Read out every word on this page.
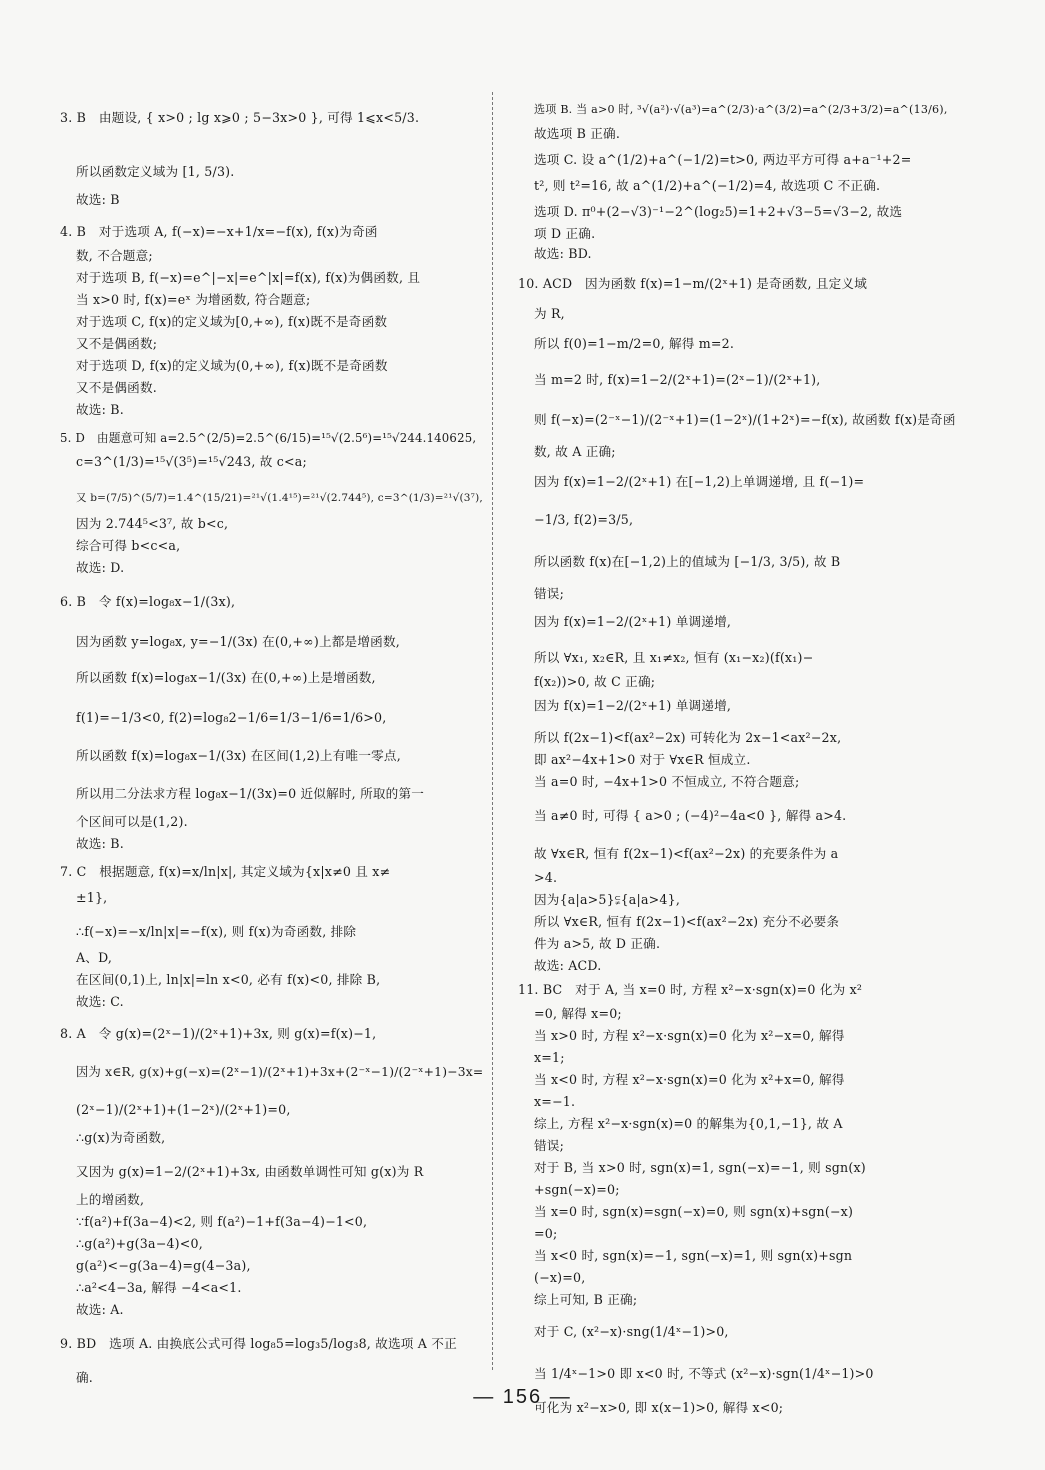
3. B　由题设, { x>0 ; lg x⩾0 ; 5−3x>0 }, 可得 1⩽x<5/3.
所以函数定义域为 [1, 5/3).
故选: B
4. B　对于选项 A, f(−x)=−x+1/x=−f(x), f(x)为奇函
数, 不合题意;
对于选项 B, f(−x)=e^|−x|=e^|x|=f(x), f(x)为偶函数, 且
当 x>0 时, f(x)=eˣ 为增函数, 符合题意;
对于选项 C, f(x)的定义域为[0,+∞), f(x)既不是奇函数
又不是偶函数;
对于选项 D, f(x)的定义域为(0,+∞), f(x)既不是奇函数
又不是偶函数.
故选: B.
5. D　由题意可知 a=2.5^(2/5)=2.5^(6/15)=¹⁵√(2.5⁶)=¹⁵√244.140625,
c=3^(1/3)=¹⁵√(3⁵)=¹⁵√243, 故 c<a;
又 b=(7/5)^(5/7)=1.4^(15/21)=²¹√(1.4¹⁵)=²¹√(2.744⁵), c=3^(1/3)=²¹√(3⁷),
因为 2.744⁵<3⁷, 故 b<c,
综合可得 b<c<a,
故选: D.
6. B　令 f(x)=log₈x−1/(3x),
因为函数 y=log₈x, y=−1/(3x) 在(0,+∞)上都是增函数,
所以函数 f(x)=log₈x−1/(3x) 在(0,+∞)上是增函数,
f(1)=−1/3<0, f(2)=log₈2−1/6=1/3−1/6=1/6>0,
所以函数 f(x)=log₈x−1/(3x) 在区间(1,2)上有唯一零点,
所以用二分法求方程 log₈x−1/(3x)=0 近似解时, 所取的第一
个区间可以是(1,2).
故选: B.
7. C　根据题意, f(x)=x/ln|x|, 其定义域为{x|x≠0 且 x≠
±1},
∴f(−x)=−x/ln|x|=−f(x), 则 f(x)为奇函数, 排除
A、D,
在区间(0,1)上, ln|x|=ln x<0, 必有 f(x)<0, 排除 B,
故选: C.
8. A　令 g(x)=(2ˣ−1)/(2ˣ+1)+3x, 则 g(x)=f(x)−1,
因为 x∈R, g(x)+g(−x)=(2ˣ−1)/(2ˣ+1)+3x+(2⁻ˣ−1)/(2⁻ˣ+1)−3x=
(2ˣ−1)/(2ˣ+1)+(1−2ˣ)/(2ˣ+1)=0,
∴g(x)为奇函数,
又因为 g(x)=1−2/(2ˣ+1)+3x, 由函数单调性可知 g(x)为 R
上的增函数,
∵f(a²)+f(3a−4)<2, 则 f(a²)−1+f(3a−4)−1<0,
∴g(a²)+g(3a−4)<0,
g(a²)<−g(3a−4)=g(4−3a),
∴a²<4−3a, 解得 −4<a<1.
故选: A.
9. BD　选项 A. 由换底公式可得 log₈5=log₃5/log₃8, 故选项 A 不正
确.
选项 B. 当 a>0 时, ³√(a²)·√(a³)=a^(2/3)·a^(3/2)=a^(2/3+3/2)=a^(13/6),
故选项 B 正确.
选项 C. 设 a^(1/2)+a^(−1/2)=t>0, 两边平方可得 a+a⁻¹+2=
t², 则 t²=16, 故 a^(1/2)+a^(−1/2)=4, 故选项 C 不正确.
选项 D. π⁰+(2−√3)⁻¹−2^(log₂5)=1+2+√3−5=√3−2, 故选
项 D 正确.
故选: BD.
10. ACD　因为函数 f(x)=1−m/(2ˣ+1) 是奇函数, 且定义域
为 R,
所以 f(0)=1−m/2=0, 解得 m=2.
当 m=2 时, f(x)=1−2/(2ˣ+1)=(2ˣ−1)/(2ˣ+1),
则 f(−x)=(2⁻ˣ−1)/(2⁻ˣ+1)=(1−2ˣ)/(1+2ˣ)=−f(x), 故函数 f(x)是奇函
数, 故 A 正确;
因为 f(x)=1−2/(2ˣ+1) 在[−1,2)上单调递增, 且 f(−1)=
−1/3, f(2)=3/5,
所以函数 f(x)在[−1,2)上的值域为 [−1/3, 3/5), 故 B
错误;
因为 f(x)=1−2/(2ˣ+1) 单调递增,
所以 ∀x₁, x₂∈R, 且 x₁≠x₂, 恒有 (x₁−x₂)(f(x₁)−
f(x₂))>0, 故 C 正确;
因为 f(x)=1−2/(2ˣ+1) 单调递增,
所以 f(2x−1)<f(ax²−2x) 可转化为 2x−1<ax²−2x,
即 ax²−4x+1>0 对于 ∀x∈R 恒成立.
当 a=0 时, −4x+1>0 不恒成立, 不符合题意;
当 a≠0 时, 可得 { a>0 ; (−4)²−4a<0 }, 解得 a>4.
故 ∀x∈R, 恒有 f(2x−1)<f(ax²−2x) 的充要条件为 a
>4.
因为{a|a>5}⫋{a|a>4},
所以 ∀x∈R, 恒有 f(2x−1)<f(ax²−2x) 充分不必要条
件为 a>5, 故 D 正确.
故选: ACD.
11. BC　对于 A, 当 x=0 时, 方程 x²−x·sgn(x)=0 化为 x²
=0, 解得 x=0;
当 x>0 时, 方程 x²−x·sgn(x)=0 化为 x²−x=0, 解得
x=1;
当 x<0 时, 方程 x²−x·sgn(x)=0 化为 x²+x=0, 解得
x=−1.
综上, 方程 x²−x·sgn(x)=0 的解集为{0,1,−1}, 故 A
错误;
对于 B, 当 x>0 时, sgn(x)=1, sgn(−x)=−1, 则 sgn(x)
+sgn(−x)=0;
当 x=0 时, sgn(x)=sgn(−x)=0, 则 sgn(x)+sgn(−x)
=0;
当 x<0 时, sgn(x)=−1, sgn(−x)=1, 则 sgn(x)+sgn
(−x)=0,
综上可知, B 正确;
对于 C, (x²−x)·sng(1/4ˣ−1)>0,
当 1/4ˣ−1>0 即 x<0 时, 不等式 (x²−x)·sgn(1/4ˣ−1)>0
可化为 x²−x>0, 即 x(x−1)>0, 解得 x<0;
— 156 —
